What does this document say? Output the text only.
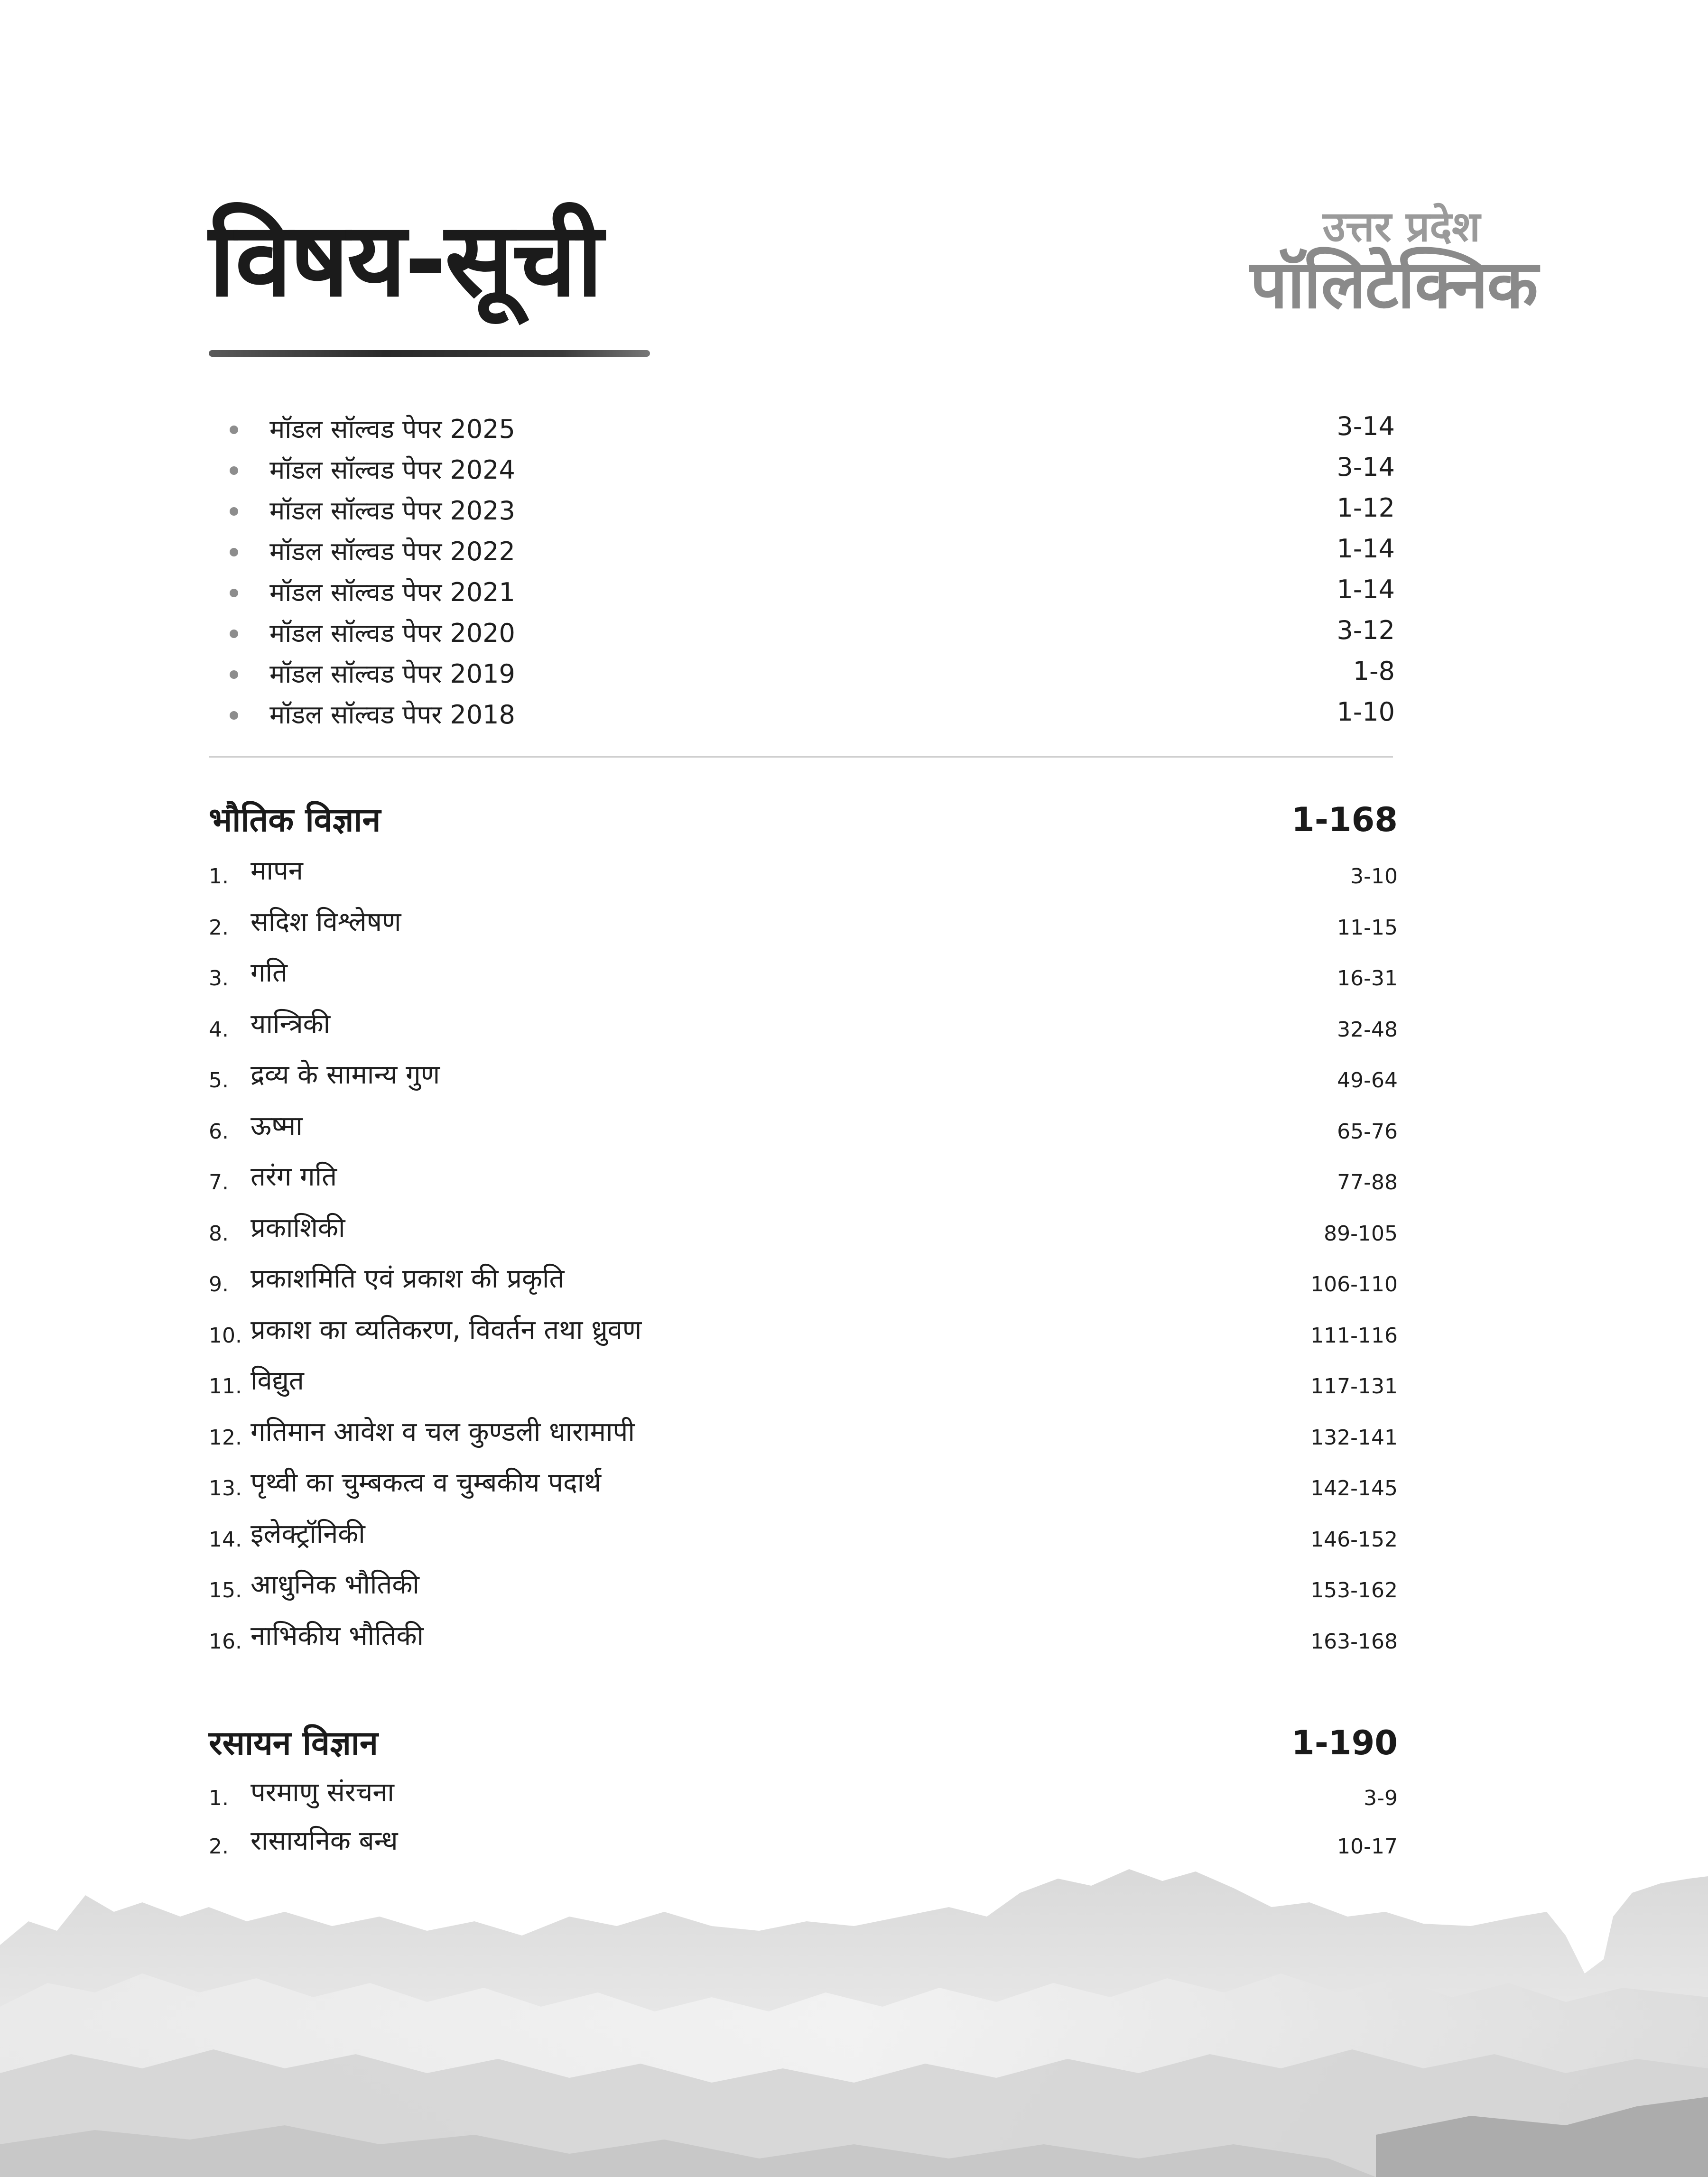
विषय-सूची	उत्तर प्रदेश
पॉलिटेक्निक
मॉडल सॉल्वड पेपर 2025	3-14
मॉडल सॉल्वड पेपर 2024	3-14
मॉडल सॉल्वड पेपर 2023	1-12
मॉडल सॉल्वड पेपर 2022	1-14
मॉडल सॉल्वड पेपर 2021	1-14
मॉडल सॉल्वड पेपर 2020	3-12
मॉडल सॉल्वड पेपर 2019	1-8
मॉडल सॉल्वड पेपर 2018	1-10
भौतिक विज्ञान	1-168
1. मापन	3-10
2. सदिश विश्लेषण	11-15
3. गति	16-31
4. यान्त्रिकी	32-48
5. द्रव्य के सामान्य गुण	49-64
6. ऊष्मा	65-76
7. तरंग गति	77-88
8. प्रकाशिकी	89-105
9. प्रकाशमिति एवं प्रकाश की प्रकृति	106-110
10. प्रकाश का व्यतिकरण, विवर्तन तथा ध्रुवण	111-116
11. विद्युत	117-131
12. गतिमान आवेश व चल कुण्डली धारामापी	132-141
13. पृथ्वी का चुम्बकत्व व चुम्बकीय पदार्थ	142-145
14. इलेक्ट्रॉनिकी	146-152
15. आधुनिक भौतिकी	153-162
16. नाभिकीय भौतिकी	163-168
रसायन विज्ञान	1-190
1. परमाणु संरचना	3-9
2. रासायनिक बन्ध	10-17
